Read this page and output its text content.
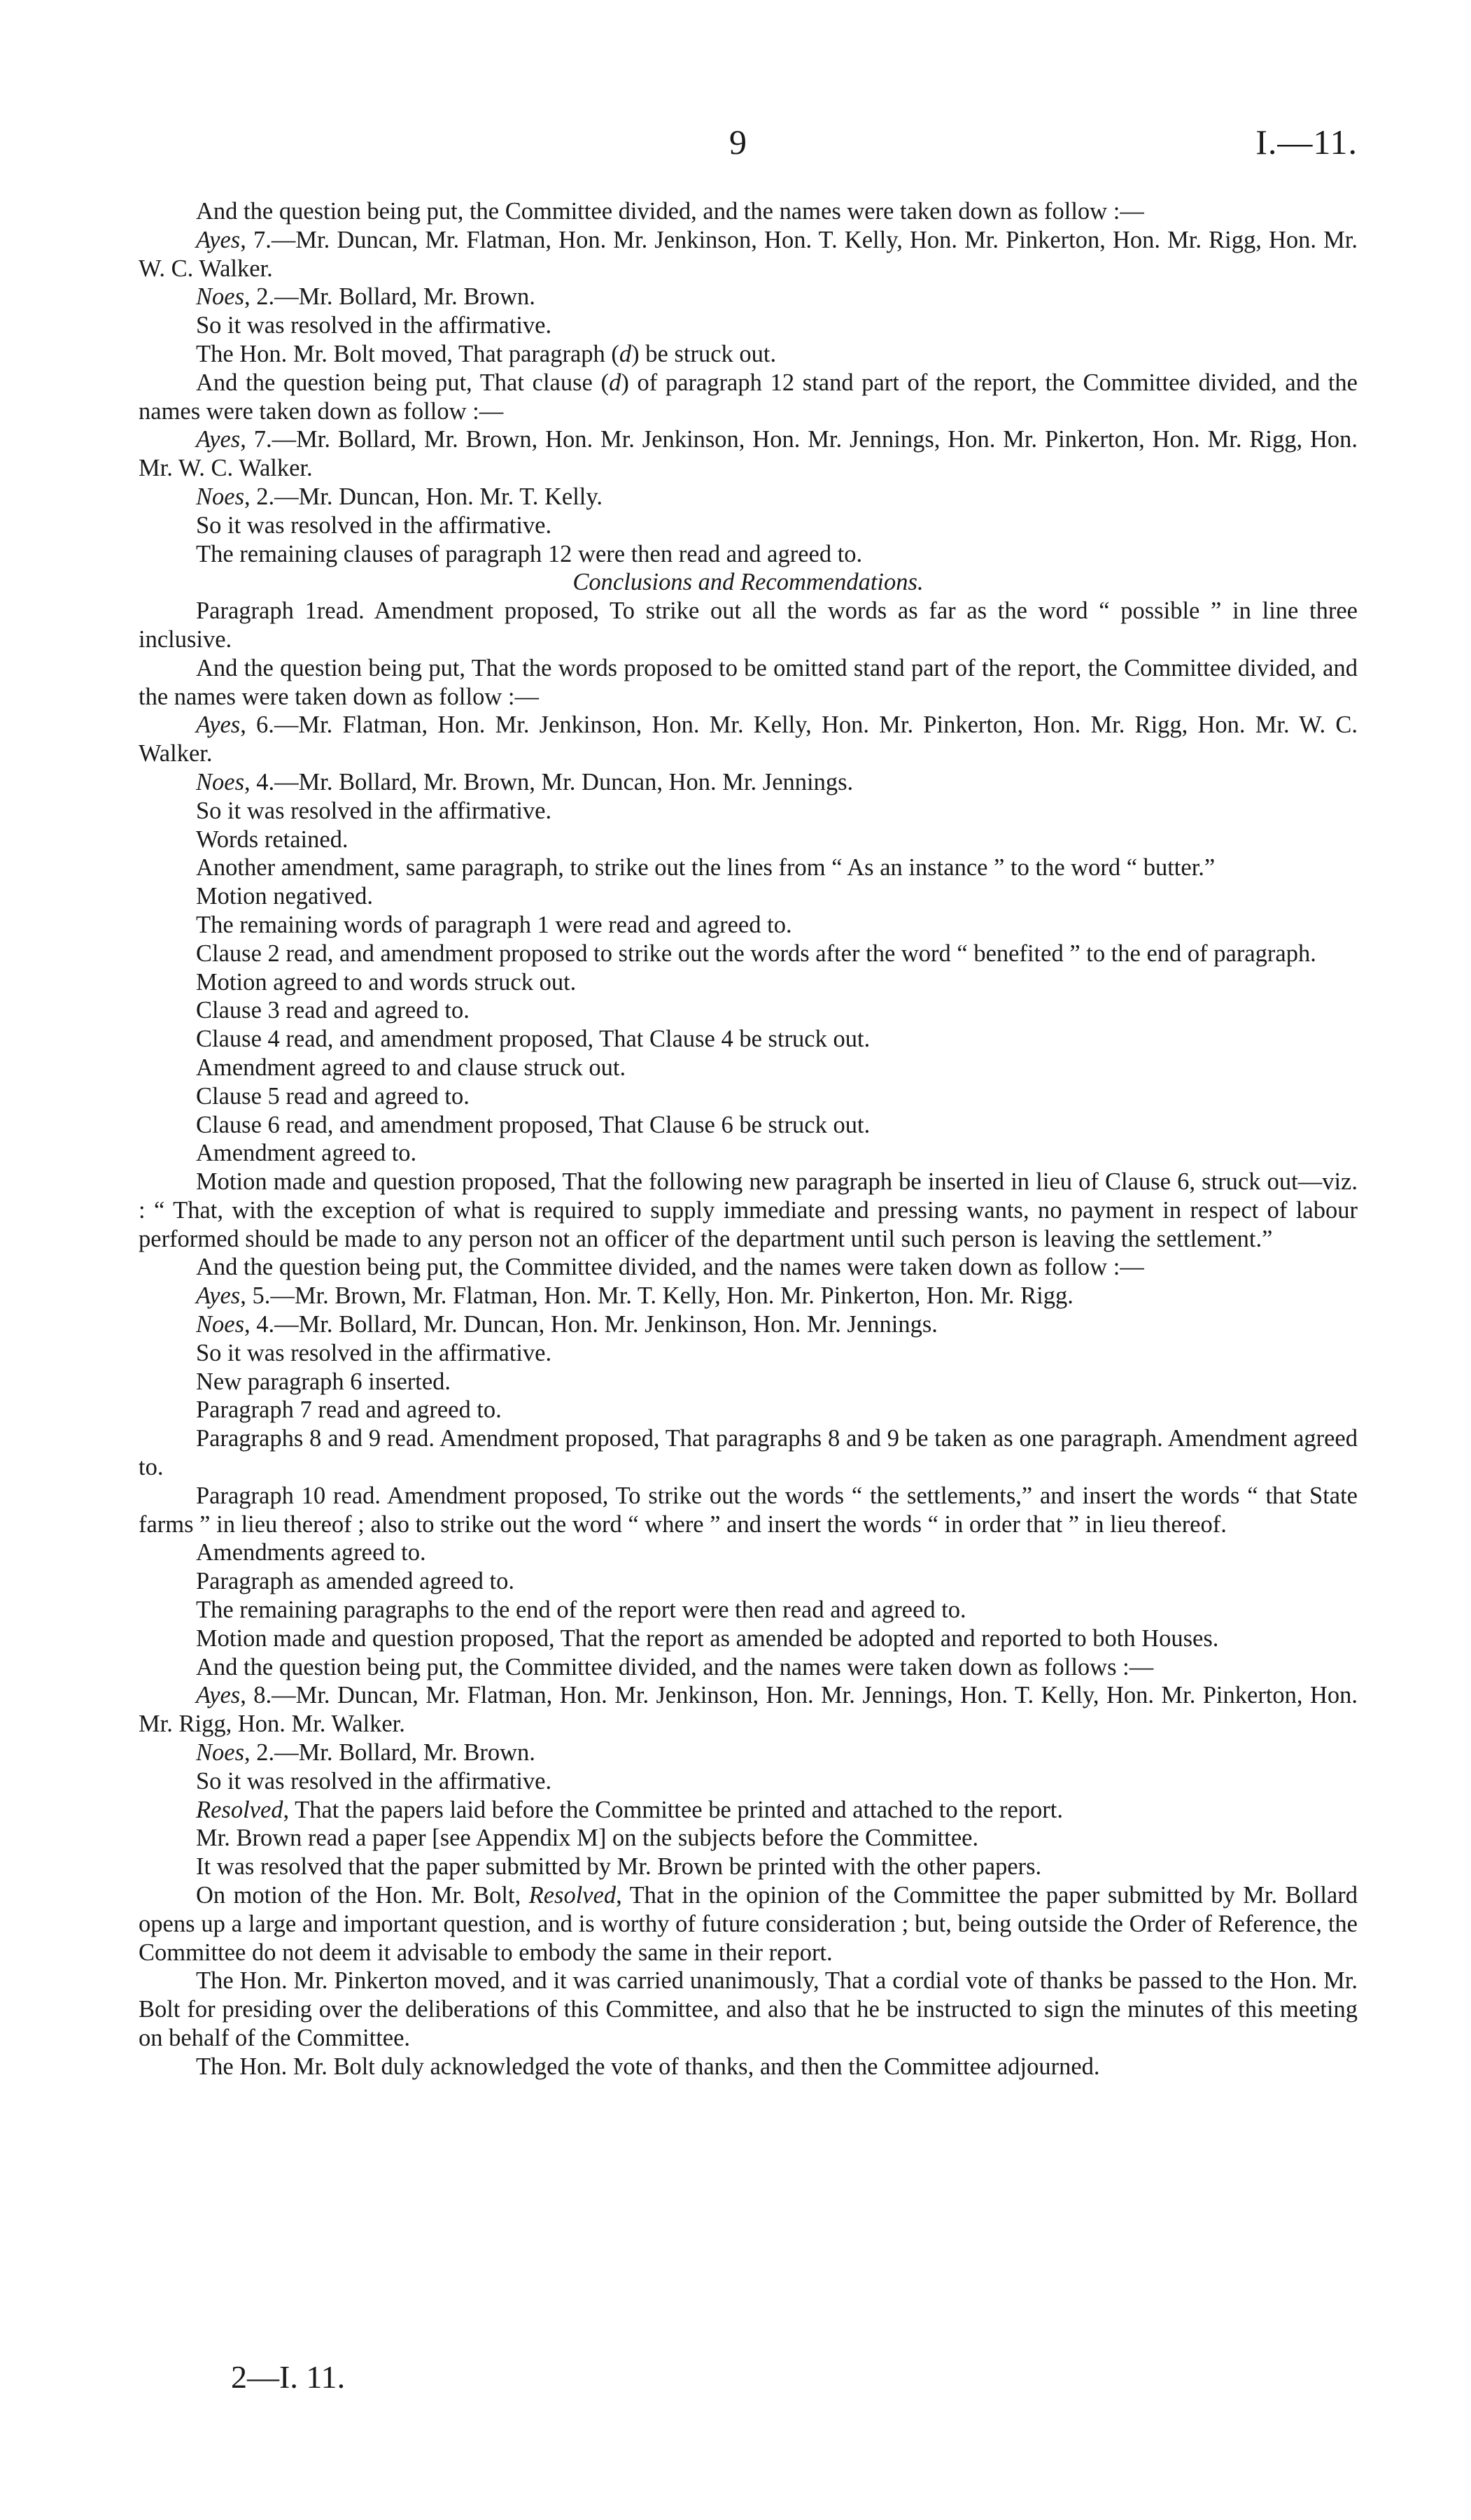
9	I.—11.

And the question being put, the Committee divided, and the names were taken down as follow :—

Ayes, 7.—Mr. Duncan, Mr. Flatman, Hon. Mr. Jenkinson, Hon. T. Kelly, Hon. Mr. Pinkerton, Hon. Mr. Rigg, Hon. Mr. W. C. Walker.

Noes, 2.—Mr. Bollard, Mr. Brown.

So it was resolved in the affirmative.

The Hon. Mr. Bolt moved, That paragraph (d) be struck out.

And the question being put, That clause (d) of paragraph 12 stand part of the report, the Committee divided, and the names were taken down as follow :—

Ayes, 7.—Mr. Bollard, Mr. Brown, Hon. Mr. Jenkinson, Hon. Mr. Jennings, Hon. Mr. Pinkerton, Hon. Mr. Rigg, Hon. Mr. W. C. Walker.

Noes, 2.—Mr. Duncan, Hon. Mr. T. Kelly.

So it was resolved in the affirmative.

The remaining clauses of paragraph 12 were then read and agreed to.

Conclusions and Recommendations.

Paragraph 1read. Amendment proposed, To strike out all the words as far as the word “ possible ” in line three inclusive.

And the question being put, That the words proposed to be omitted stand part of the report, the Committee divided, and the names were taken down as follow :—

Ayes, 6.—Mr. Flatman, Hon. Mr. Jenkinson, Hon. Mr. Kelly, Hon. Mr. Pinkerton, Hon. Mr. Rigg, Hon. Mr. W. C. Walker.

Noes, 4.—Mr. Bollard, Mr. Brown, Mr. Duncan, Hon. Mr. Jennings.

So it was resolved in the affirmative.

Words retained.

Another amendment, same paragraph, to strike out the lines from “ As an instance ” to the word “ butter.”

Motion negatived.

The remaining words of paragraph 1 were read and agreed to.

Clause 2 read, and amendment proposed to strike out the words after the word “ benefited ” to the end of paragraph.

Motion agreed to and words struck out.

Clause 3 read and agreed to.

Clause 4 read, and amendment proposed, That Clause 4 be struck out.

Amendment agreed to and clause struck out.

Clause 5 read and agreed to.

Clause 6 read, and amendment proposed, That Clause 6 be struck out.

Amendment agreed to.

Motion made and question proposed, That the following new paragraph be inserted in lieu of Clause 6, struck out—viz. : “ That, with the exception of what is required to supply immediate and pressing wants, no payment in respect of labour performed should be made to any person not an officer of the department until such person is leaving the settlement.”

And the question being put, the Committee divided, and the names were taken down as follow :—

Ayes, 5.—Mr. Brown, Mr. Flatman, Hon. Mr. T. Kelly, Hon. Mr. Pinkerton, Hon. Mr. Rigg.

Noes, 4.—Mr. Bollard, Mr. Duncan, Hon. Mr. Jenkinson, Hon. Mr. Jennings.

So it was resolved in the affirmative.

New paragraph 6 inserted.

Paragraph 7 read and agreed to.

Paragraphs 8 and 9 read. Amendment proposed, That paragraphs 8 and 9 be taken as one paragraph. Amendment agreed to.

Paragraph 10 read. Amendment proposed, To strike out the words “ the settlements,” and insert the words “ that State farms ” in lieu thereof ; also to strike out the word “ where ” and insert the words “ in order that ” in lieu thereof.

Amendments agreed to.

Paragraph as amended agreed to.

The remaining paragraphs to the end of the report were then read and agreed to.

Motion made and question proposed, That the report as amended be adopted and reported to both Houses.

And the question being put, the Committee divided, and the names were taken down as follows :—

Ayes, 8.—Mr. Duncan, Mr. Flatman, Hon. Mr. Jenkinson, Hon. Mr. Jennings, Hon. T. Kelly, Hon. Mr. Pinkerton, Hon. Mr. Rigg, Hon. Mr. Walker.

Noes, 2.—Mr. Bollard, Mr. Brown.

So it was resolved in the affirmative.

Resolved, That the papers laid before the Committee be printed and attached to the report.

Mr. Brown read a paper [see Appendix M] on the subjects before the Committee.

It was resolved that the paper submitted by Mr. Brown be printed with the other papers.

On motion of the Hon. Mr. Bolt, Resolved, That in the opinion of the Committee the paper submitted by Mr. Bollard opens up a large and important question, and is worthy of future consideration ; but, being outside the Order of Reference, the Committee do not deem it advisable to embody the same in their report.

The Hon. Mr. Pinkerton moved, and it was carried unanimously, That a cordial vote of thanks be passed to the Hon. Mr. Bolt for presiding over the deliberations of this Committee, and also that he be instructed to sign the minutes of this meeting on behalf of the Committee.

The Hon. Mr. Bolt duly acknowledged the vote of thanks, and then the Committee adjourned.

2—I. 11.
